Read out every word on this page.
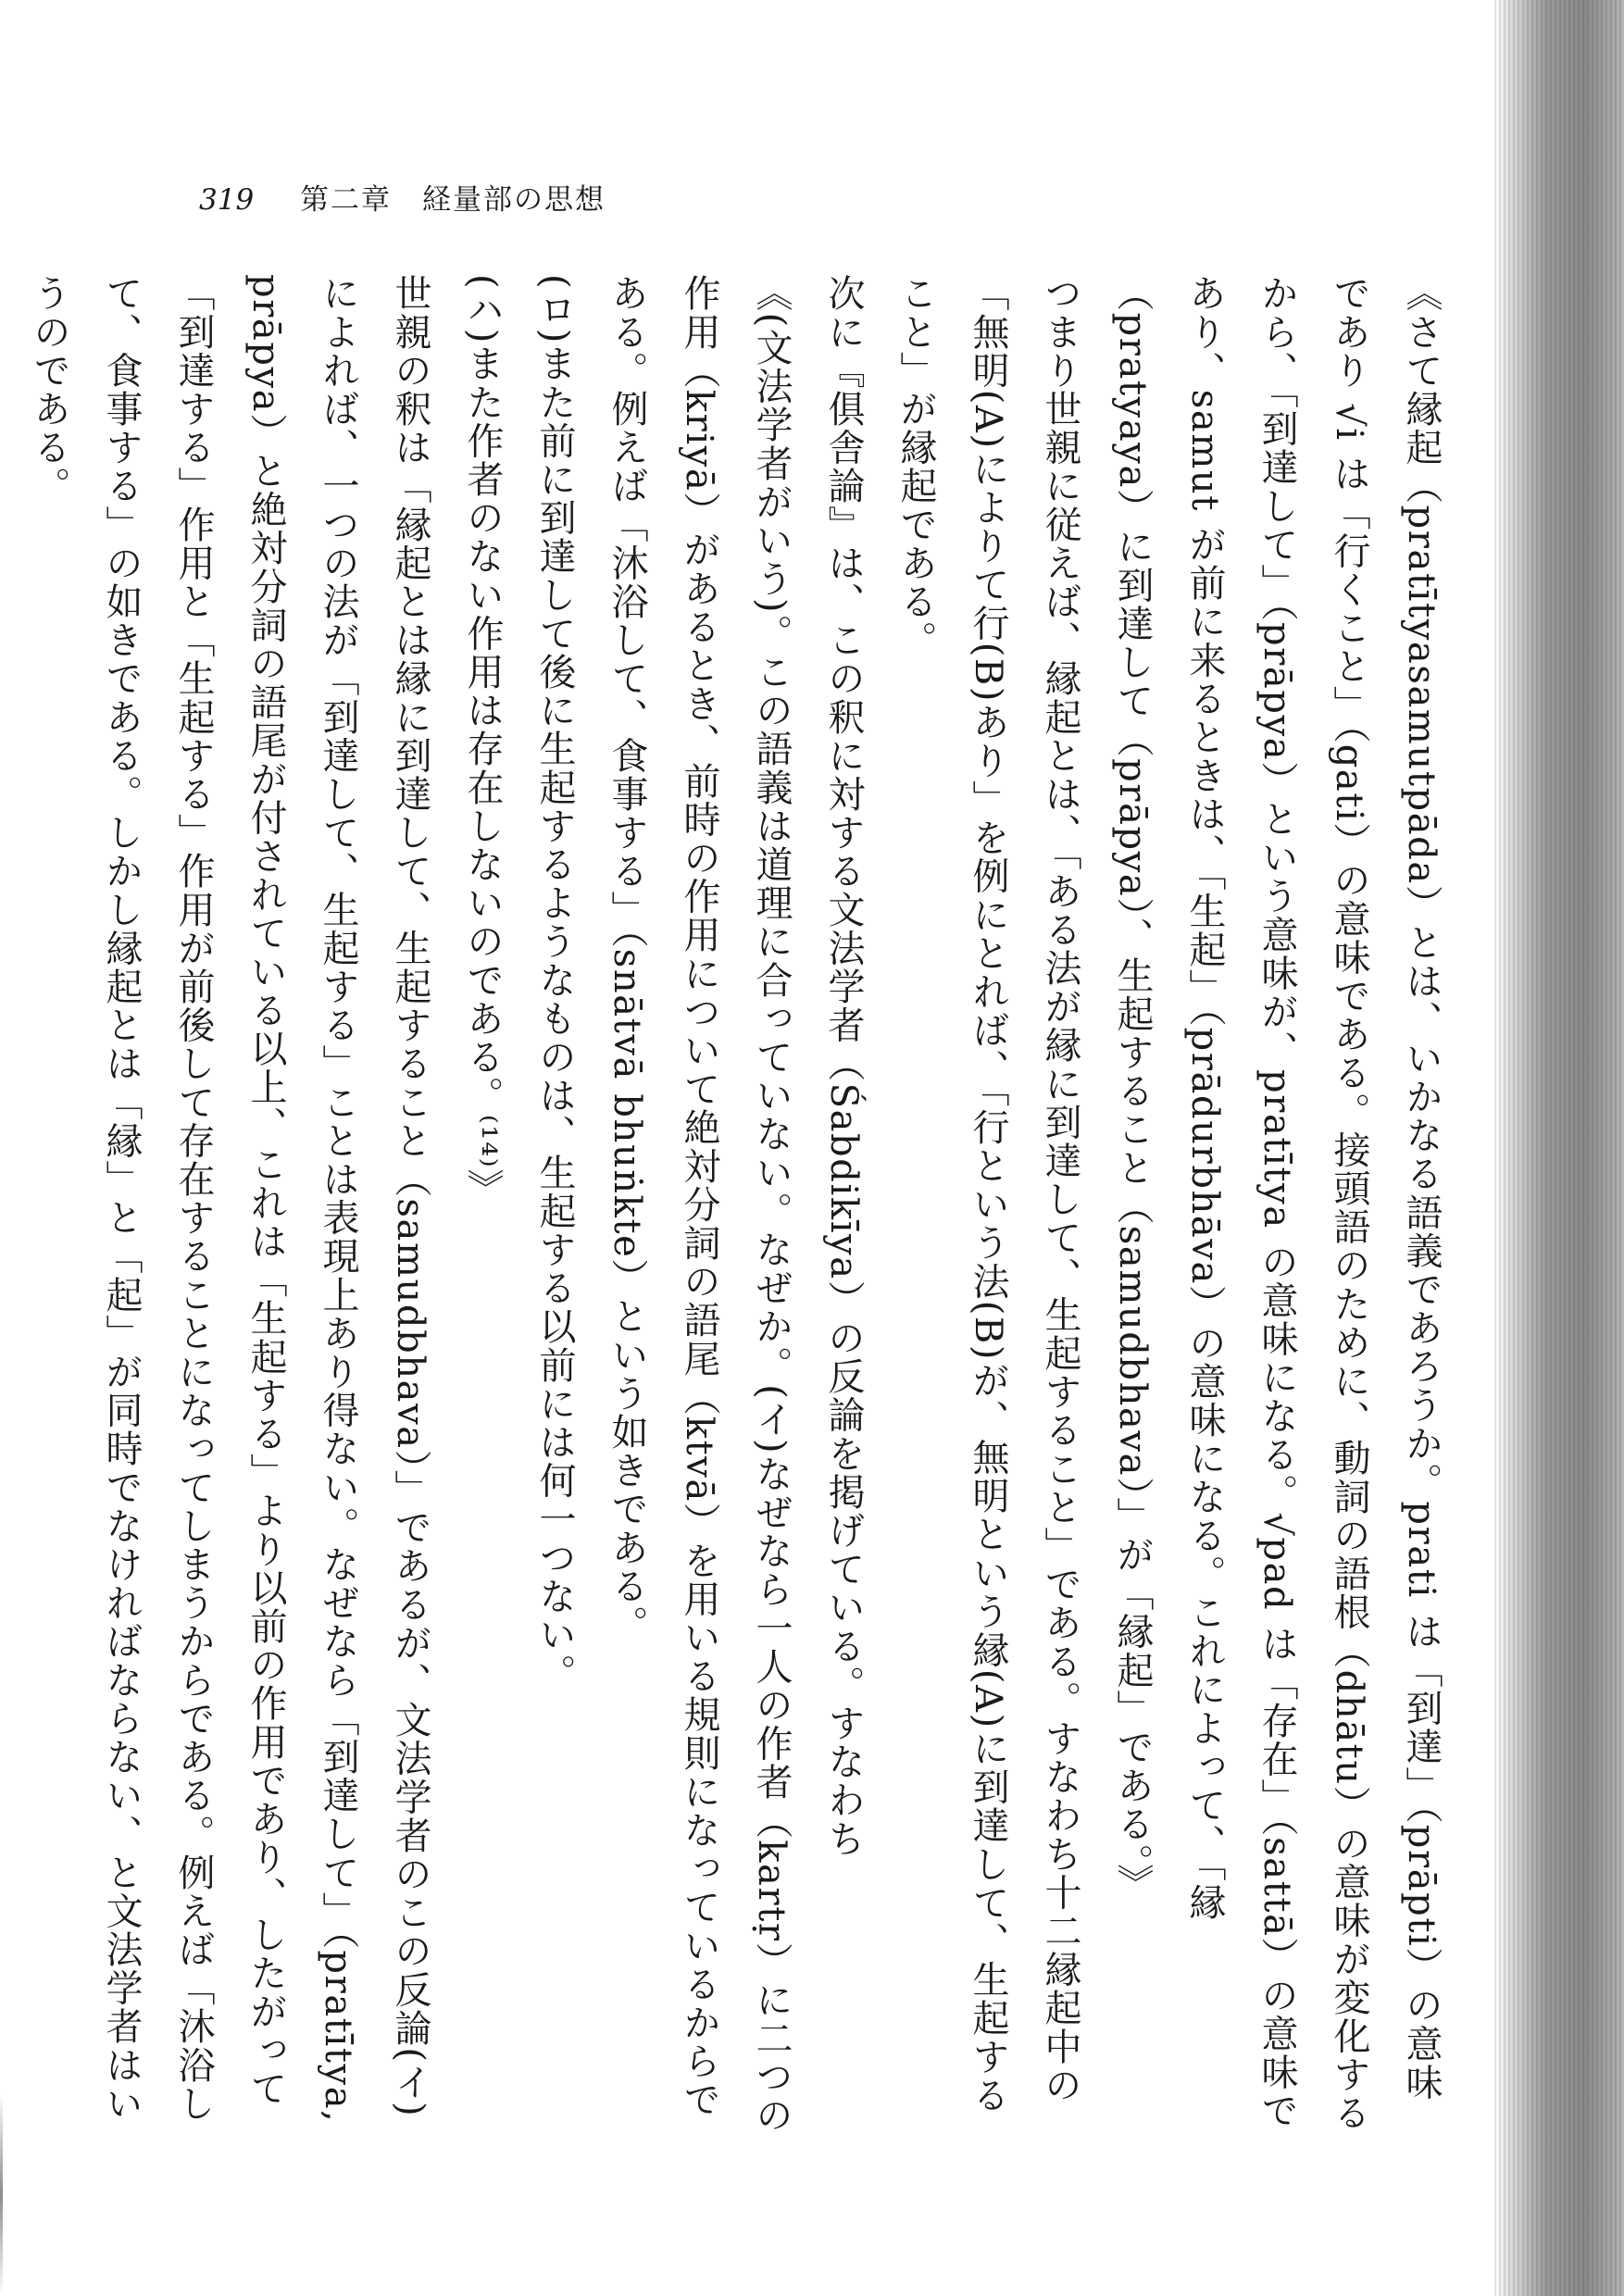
319 第二章　経量部の思想

《さて縁起（pratītyasamutpāda）とは、いかなる語義であろうか。prati は「到達」（prāpti）の意味であり √i は「行くこと」（gati）の意味である。接頭語のために、動詞の語根（dhātu）の意味が変化するから、「到達して」（prāpya）という意味が、pratītya の意味になる。√pad は「存在」（sattā）の意味であり、samut が前に来るときは、「生起」（prādurbhāva）の意味になる。これによって、「縁（pratyaya）に到達して（prāpya）、生起すること（samudbhava）」が「縁起」である。》

つまり世親に従えば、縁起とは、「ある法が縁に到達して、生起すること」である。すなわち十二縁起中の「無明(A)によりて行(B)あり」を例にとれば、「行という法(B)が、無明という縁(A)に到達して、生起すること」が縁起である。

次に『俱舎論』は、この釈に対する文法学者（Śabdikīya）の反論を掲げている。すなわち

《(文法学者がいう)。この語義は道理に合っていない。なぜか。(イ)なぜなら一人の作者（kartṛ）に二つの作用（kriyā）があるとき、前時の作用について絶対分詞の語尾（ktvā）を用いる規則になっているからである。例えば「沐浴して、食事する」（snātvā bhuṅkte）という如きである。

(ロ)また前に到達して後に生起するようなものは、生起する以前には何一つない。

(ハ)また作者のない作用は存在しないのである。⁽¹⁴⁾》

世親の釈は「縁起とは縁に到達して、生起すること（samudbhava）」であるが、文法学者のこの反論(イ)によれば、一つの法が「到達して、生起する」ことは表現上あり得ない。なぜなら「到達して」（pratītya, prāpya）と絶対分詞の語尾が付されている以上、これは「生起する」より以前の作用であり、したがって「到達する」作用と「生起する」作用が前後して存在することになってしまうからである。例えば「沐浴して、食事する」の如きである。しかし縁起とは「縁」と「起」が同時でなければならない、と文法学者はいうのである。
